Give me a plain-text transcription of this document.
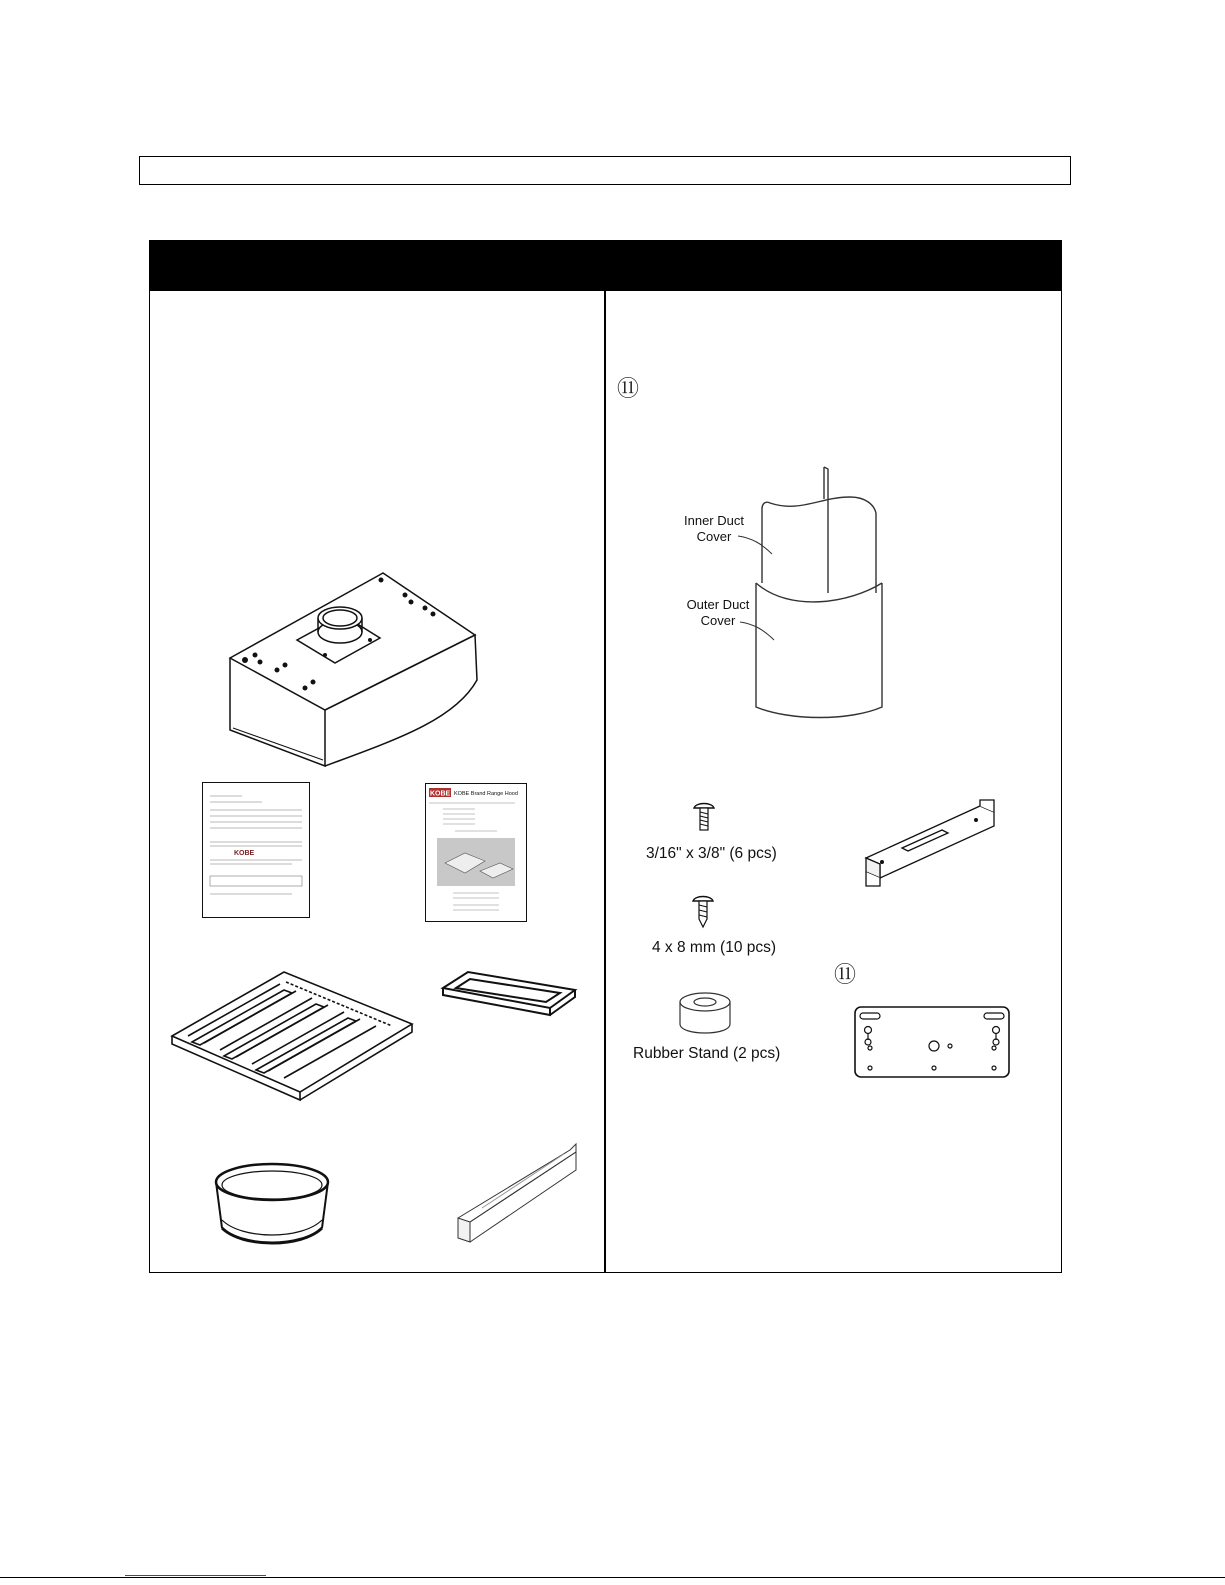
KOBE
KOBE KOBE Brand Range Hood
⑪
Inner Duct
Cover
Outer Duct
Cover
3/16" x 3/8" (6 pcs)
4 x 8 mm (10 pcs)
Rubber Stand (2 pcs)
⑪
